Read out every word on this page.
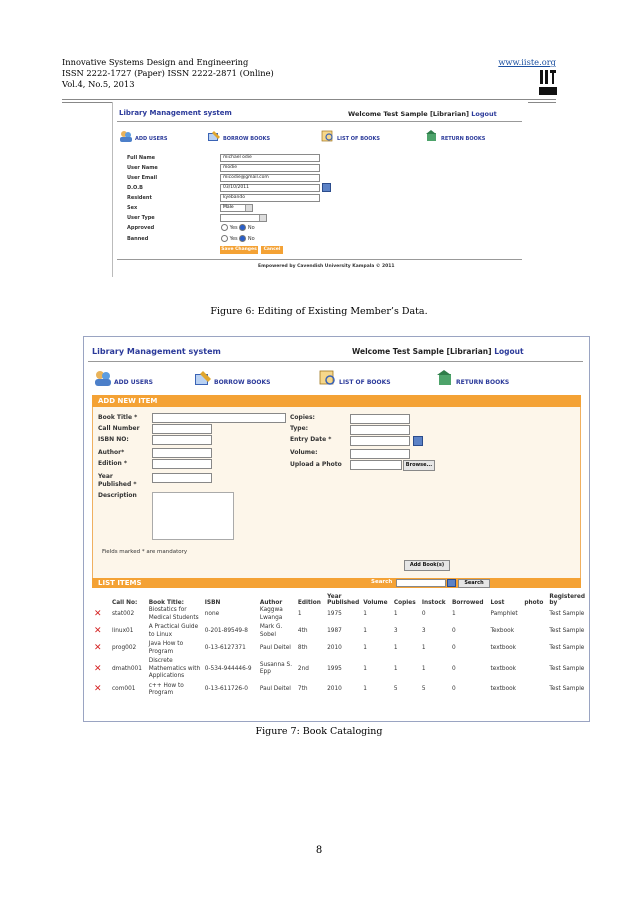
Innovative Systems Design and Engineering
ISSN 2222-1727 (Paper) ISSN 2222-2871 (Online)
Vol.4, No.5, 2013
www.iiste.org
Library Management system	Welcome Test Sample [Librarian] Logout
ADD USERS	BORROW BOOKS	LIST OF BOOKS	RETURN BOOKS
Full Name	michael odie
User Name	modie
User Email	micodie@gmail.com
D.O.B	03/10/2011
Resident	kyebando
Sex	Male
User Type
Approved	Yes No
Banned	Yes No
Save Changes	Cancel
Empowered by Cavendish University Kampala © 2011
Figure 6: Editing of Existing Member’s Data.
Library Management system	Welcome Test Sample [Librarian] Logout
ADD USERS	BORROW BOOKS	LIST OF BOOKS	RETURN BOOKS
ADD NEW ITEM
Book Title *
Call Number
ISBN NO:
Author*
Edition *
Year Published *
Description
Copies:
Type:
Entry Date *
Volume:
Upload a Photo	Browse...
Fields marked * are mandatory
Add Book(s)
LIST ITEMS	Search	Search
	Call No:	Book Title:	ISBN	Author	Edition	Year Published	Volume	Copies	Instock	Borrowed	Lost	photo	Registered by
✕	stat002	Biostatics for Medical Students	none	Kaggwa Lwanga	1	1975	1	1	0	1	Pamphlet		Test Sample
✕	linux01	A Practical Guide to Linux	0-201-89549-8	Mark G. Sobel	4th	1987	1	3	3	0	Texbook		Test Sample
✕	prog002	Java How to Program	0-13-6127371	Paul Deitel	8th	2010	1	1	1	0	textbook		Test Sample
✕	dmath001	Discrete Mathematics with Applications	0-534-944446-9	Susanna S. Epp	2nd	1995	1	1	1	0	textbook		Test Sample
✕	com001	c++ How to Program	0-13-611726-0	Paul Deitel	7th	2010	1	5	5	0	textbook		Test Sample
Figure 7: Book Cataloging
8
